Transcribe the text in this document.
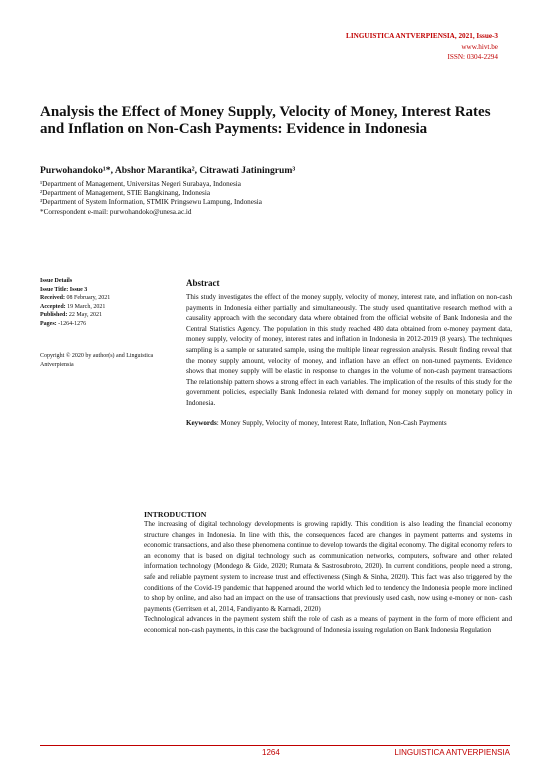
LINGUISTICA ANTVERPIENSIA, 2021, Issue-3
www.hivt.be
ISSN: 0304-2294
Analysis the Effect of Money Supply, Velocity of Money, Interest Rates and Inflation on Non-Cash Payments: Evidence in Indonesia
Purwohandoko¹*, Abshor Marantika², Citrawati Jatiningrum³
¹Department of Management, Universitas Negeri Surabaya, Indonesia
²Department of Management, STIE Bangkinang, Indonesia
³Department of System Information, STMIK Pringsewu Lampung, Indonesia
*Correspondent e-mail: purwohandoko@unesa.ac.id
Issue Details
Issue Title: Issue 3
Received: 08 February, 2021
Accepted: 19 March, 2021
Published: 22 May, 2021
Pages: -1264-1276
Copyright © 2020 by author(s) and Linguistica Antverpiensia
Abstract

This study investigates the effect of the money supply, velocity of money, interest rate, and inflation on non-cash payments in Indonesia either partially and simultaneously. The study used quantitative research method with a causality approach with the secondary data where obtained from the official website of Bank Indonesia and the Central Statistics Agency. The population in this study reached 480 data obtained from e-money payment data, money supply, velocity of money, interest rates and inflation in Indonesia in 2012-2019 (8 years). The techniques sampling is a sample or saturated sample, using the multiple linear regression analysis. Result finding reveal that the money supply amount, velocity of money, and inflation have an effect on non-tuned payments. Evidence shows that money supply will be elastic in response to changes in the volume of non-cash payment transactions The relationship pattern shows a strong effect in each variables. The implication of the results of this study for the government policies, especially Bank Indonesia related with demand for money supply on monetary policy in Indonesia.

Keywords: Money Supply, Velocity of money, Interest Rate, Inflation, Non-Cash Payments
INTRODUCTION

The increasing of digital technology developments is growing rapidly. This condition is also leading the financial economy structure changes in Indonesia. In line with this, the consequences faced are changes in payment patterns and systems in economic transactions, and also these phenomena continue to develop towards the digital economy. The digital economy refers to an economy that is based on digital technology such as communication networks, computers, software and other related information technology (Mondego & Gide, 2020; Rumata & Sastrosubroto, 2020). In current conditions, people need a strong, safe and reliable payment system to increase trust and effectiveness (Singh & Sinha, 2020). This fact was also triggered by the conditions of the Covid-19 pandemic that happened around the world which led to tendency the Indonesia people more inclined to shop by online, and also had an impact on the use of transactions that previously used cash, now using e-money or non- cash payments (Gerritsen et al, 2014, Fandiyanto & Karnadi, 2020)

Technological advances in the payment system shift the role of cash as a means of payment in the form of more efficient and economical non-cash payments, in this case the background of Indonesia issuing regulation on Bank Indonesia Regulation

1264	LINGUISTICA ANTVERPIENSIA
